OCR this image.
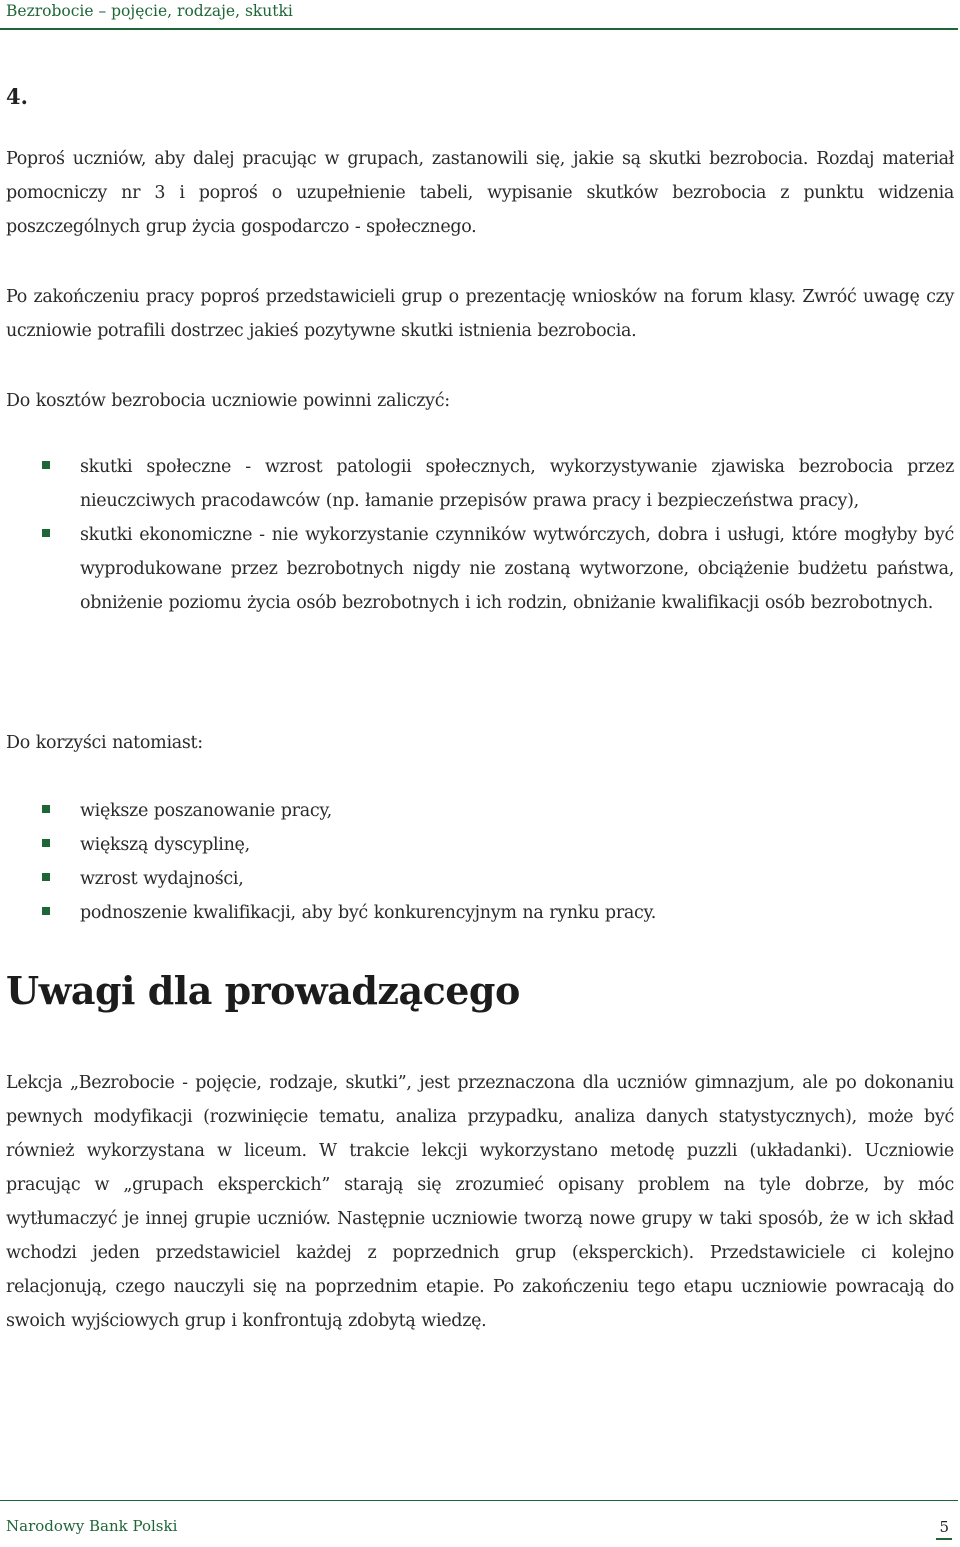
Bezrobocie – pojęcie, rodzaje, skutki
4.
Poproś uczniów, aby dalej pracując w grupach, zastanowili się, jakie są skutki bezrobocia. Rozdaj materiał pomocniczy nr 3 i poproś o uzupełnienie tabeli, wypisanie skutków bezrobocia z punktu widzenia poszczególnych grup życia gospodarczo - społecznego.
Po zakończeniu pracy poproś przedstawicieli grup o prezentację wniosków na forum klasy. Zwróć uwagę czy uczniowie potrafili dostrzec jakieś pozytywne skutki istnienia bezrobocia.
Do kosztów bezrobocia uczniowie powinni zaliczyć:
skutki społeczne - wzrost patologii społecznych, wykorzystywanie zjawiska bezrobocia przez nieuczciwych pracodawców (np. łamanie przepisów prawa pracy i bezpieczeństwa pracy),
skutki ekonomiczne - nie wykorzystanie czynników wytwórczych, dobra i usługi, które mogłyby być wyprodukowane przez bezrobotnych nigdy nie zostaną wytworzone, obciążenie budżetu państwa, obniżenie poziomu życia osób bezrobotnych i ich rodzin, obniżanie kwalifikacji osób bezrobotnych.
Do korzyści natomiast:
większe poszanowanie pracy,
większą dyscyplinę,
wzrost wydajności,
podnoszenie kwalifikacji, aby być konkurencyjnym na rynku pracy.
Uwagi dla prowadzącego
Lekcja „Bezrobocie - pojęcie, rodzaje, skutki”, jest przeznaczona dla uczniów gimnazjum, ale po dokonaniu pewnych modyfikacji (rozwinięcie tematu, analiza przypadku, analiza danych statystycznych), może być również wykorzystana w liceum. W trakcie lekcji wykorzystano metodę puzzli (układanki). Uczniowie pracując w „grupach eksperckich” starają się zrozumieć opisany problem na tyle dobrze, by móc wytłumaczyć je innej grupie uczniów. Następnie uczniowie tworzą nowe grupy w taki sposób, że w ich skład wchodzi jeden przedstawiciel każdej z poprzednich grup (eksperckich). Przedstawiciele ci kolejno relacjonują, czego nauczyli się na poprzednim etapie. Po zakończeniu tego etapu uczniowie powracają do swoich wyjściowych grup i konfrontują zdobytą wiedzę.
Narodowy Bank Polski	5
